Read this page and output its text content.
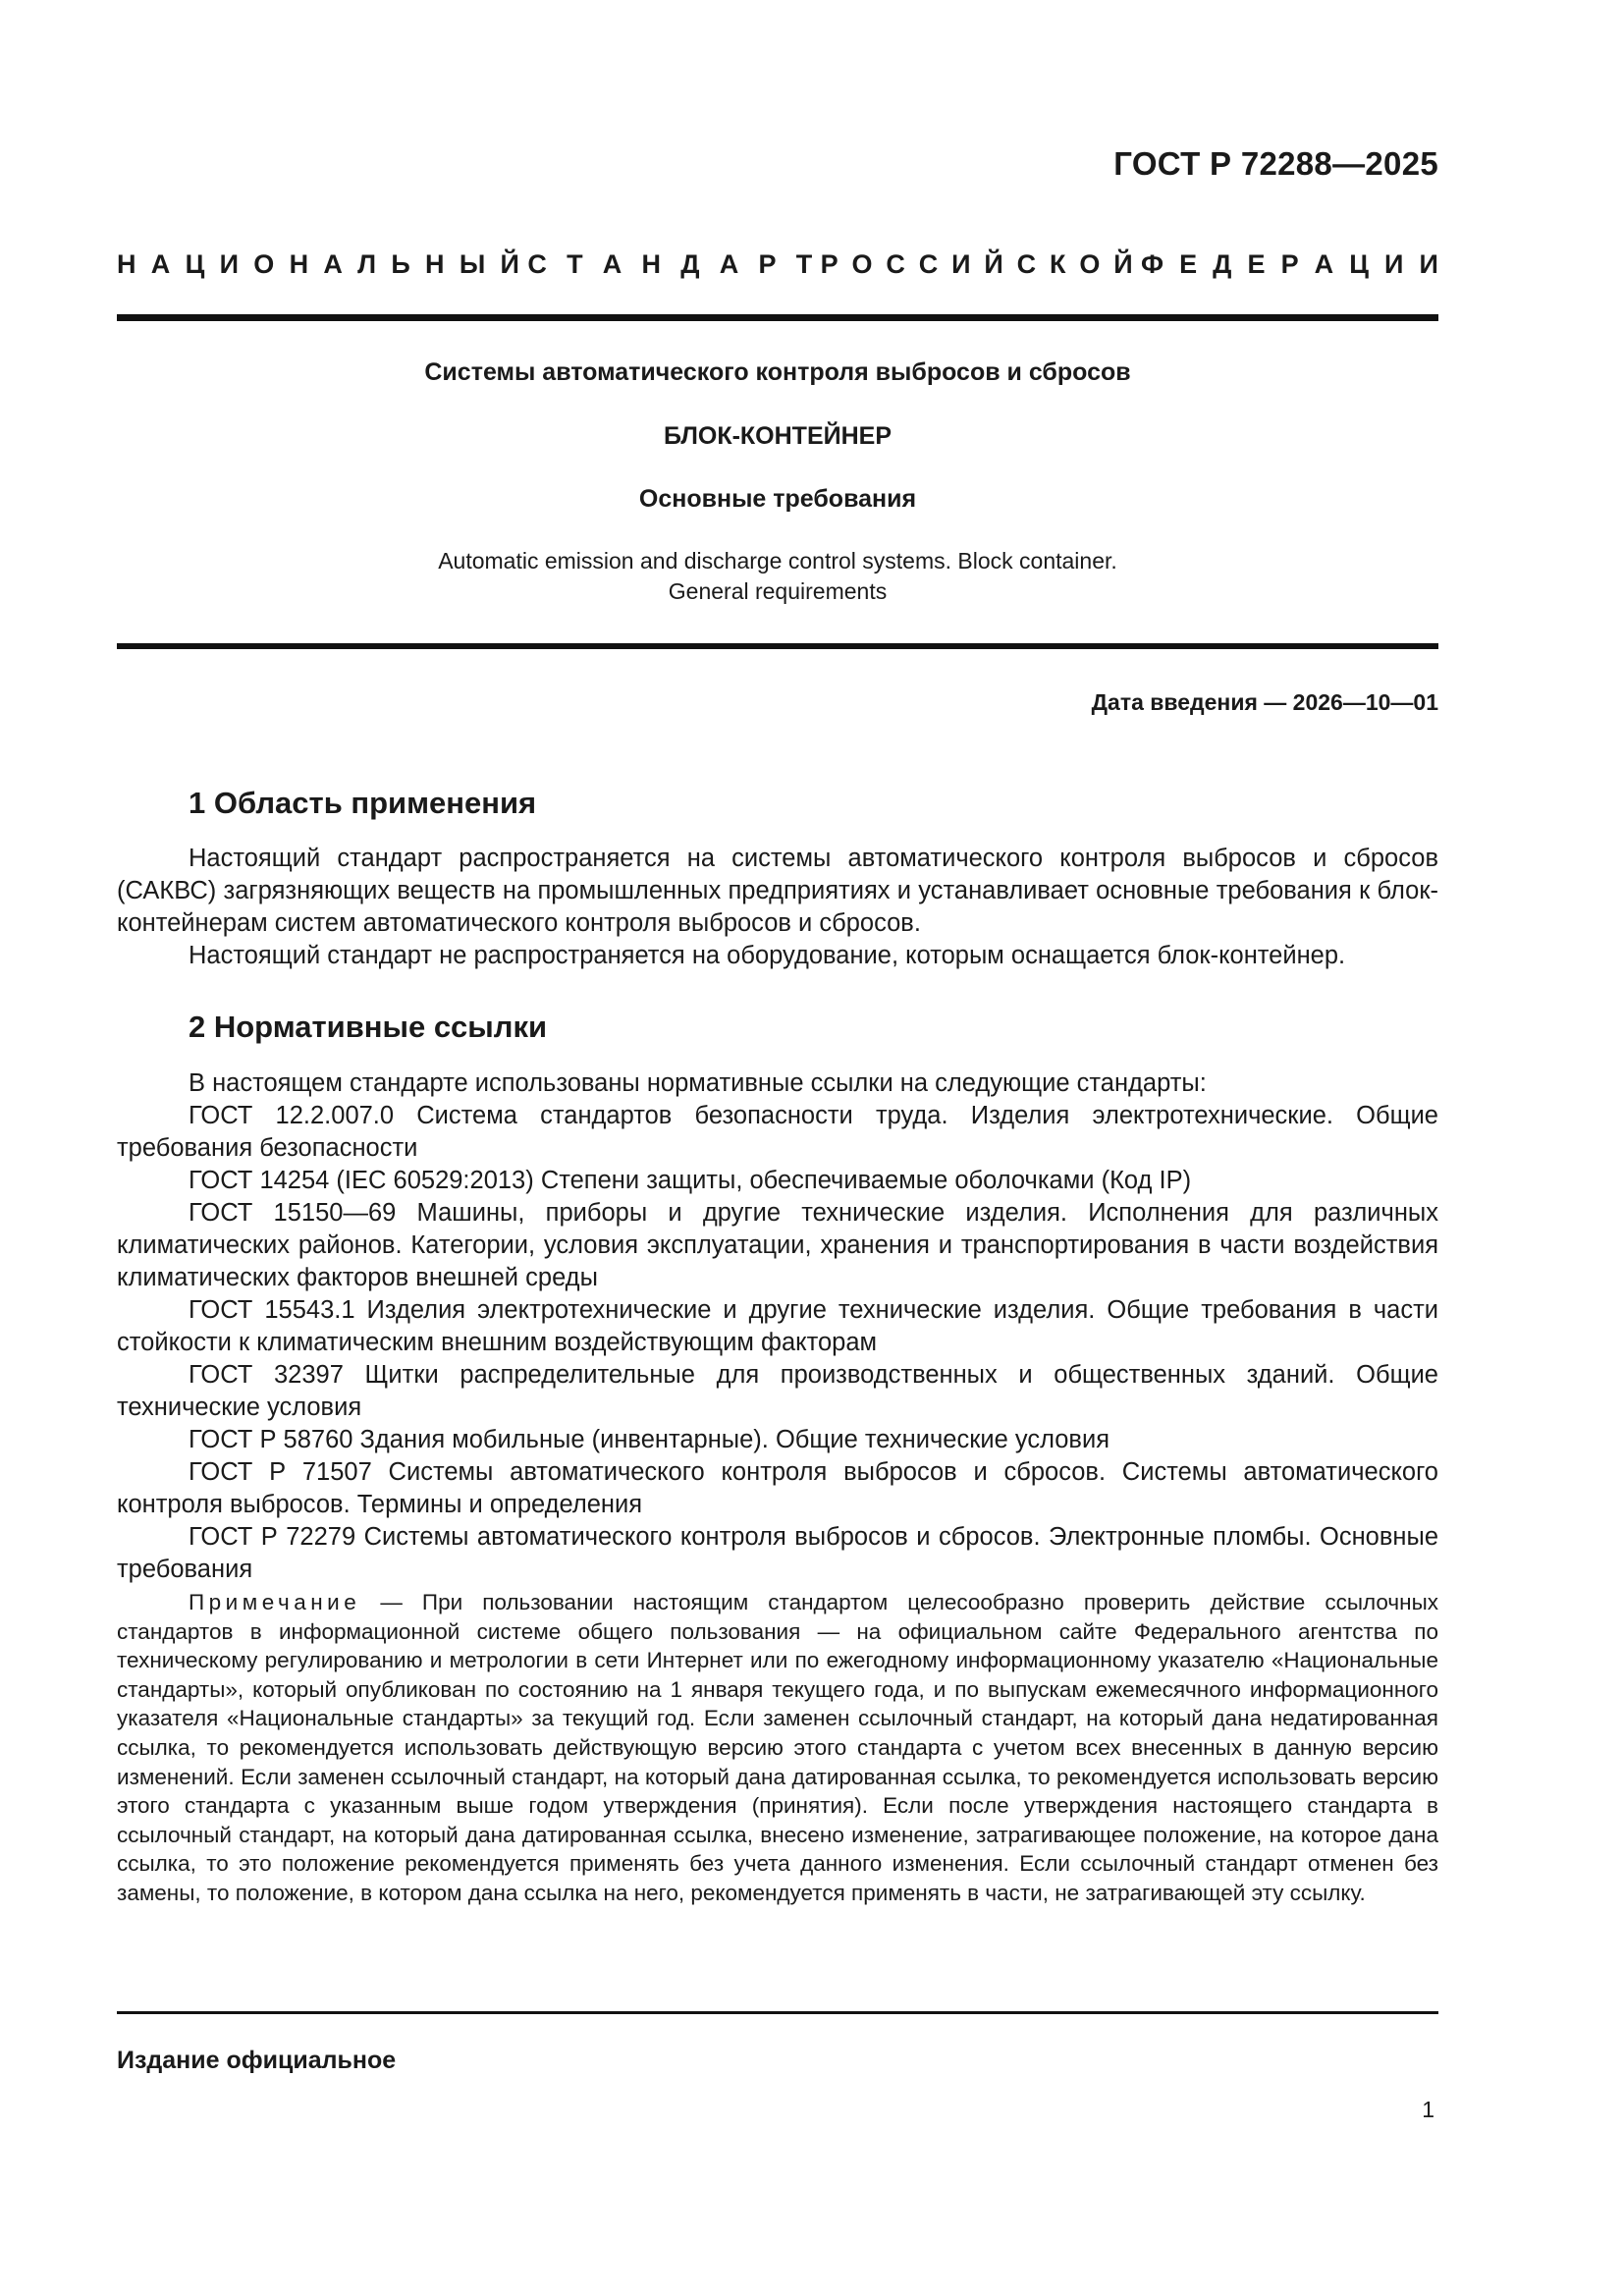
ГОСТ Р 72288—2025
Н А Ц И О Н А Л Ь Н Ы Й С Т А Н Д А Р Т Р О С С И Й С К О Й Ф Е Д Е Р А Ц И И
Системы автоматического контроля выбросов и сбросов
БЛОК-КОНТЕЙНЕР
Основные требования
Automatic emission and discharge control systems. Block container.
General requirements
Дата введения — 2026—10—01
1 Область применения

Настоящий стандарт распространяется на системы автоматического контроля выбросов и сбросов (САКВС) загрязняющих веществ на промышленных предприятиях и устанавливает основные требования к блок-контейнерам систем автоматического контроля выбросов и сбросов.

Настоящий стандарт не распространяется на оборудование, которым оснащается блок-контейнер.

2 Нормативные ссылки

В настоящем стандарте использованы нормативные ссылки на следующие стандарты:

ГОСТ 12.2.007.0 Система стандартов безопасности труда. Изделия электротехнические. Общие требования безопасности

ГОСТ 14254 (IEC 60529:2013) Степени защиты, обеспечиваемые оболочками (Код IP)

ГОСТ 15150—69 Машины, приборы и другие технические изделия. Исполнения для различных климатических районов. Категории, условия эксплуатации, хранения и транспортирования в части воздействия климатических факторов внешней среды

ГОСТ 15543.1 Изделия электротехнические и другие технические изделия. Общие требования в части стойкости к климатическим внешним воздействующим факторам

ГОСТ 32397 Щитки распределительные для производственных и общественных зданий. Общие технические условия

ГОСТ Р 58760 Здания мобильные (инвентарные). Общие технические условия

ГОСТ Р 71507 Системы автоматического контроля выбросов и сбросов. Системы автоматического контроля выбросов. Термины и определения

ГОСТ Р 72279 Системы автоматического контроля выбросов и сбросов. Электронные пломбы. Основные требования

Примечание — При пользовании настоящим стандартом целесообразно проверить действие ссылочных стандартов в информационной системе общего пользования — на официальном сайте Федерального агентства по техническому регулированию и метрологии в сети Интернет или по ежегодному информационному указателю «Национальные стандарты», который опубликован по состоянию на 1 января текущего года, и по выпускам ежемесячного информационного указателя «Национальные стандарты» за текущий год. Если заменен ссылочный стандарт, на который дана недатированная ссылка, то рекомендуется использовать действующую версию этого стандарта с учетом всех внесенных в данную версию изменений. Если заменен ссылочный стандарт, на который дана датированная ссылка, то рекомендуется использовать версию этого стандарта с указанным выше годом утверждения (принятия). Если после утверждения настоящего стандарта в ссылочный стандарт, на который дана датированная ссылка, внесено изменение, затрагивающее положение, на которое дана ссылка, то это положение рекомендуется применять без учета данного изменения. Если ссылочный стандарт отменен без замены, то положение, в котором дана ссылка на него, рекомендуется применять в части, не затрагивающей эту ссылку.
Издание официальное
1
